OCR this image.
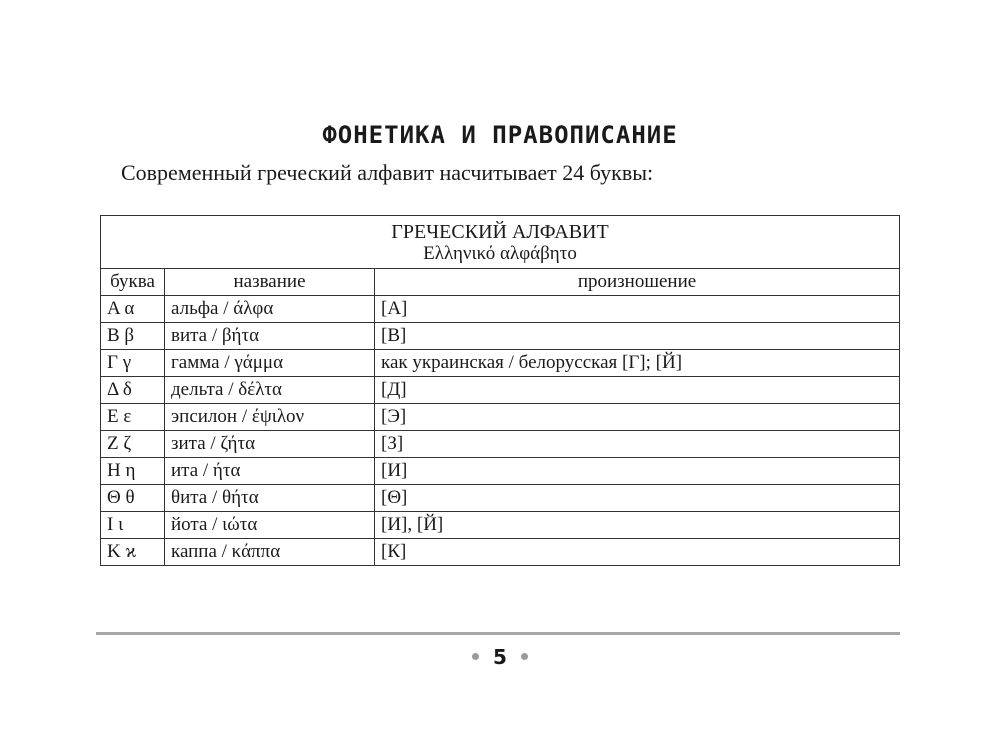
ФОНЕТИКА И ПРАВОПИСАНИЕ
Современный греческий алфавит насчитывает 24 буквы:
ГРЕЧЕСКИЙ АЛФАВИТ
Ελληνικό αλφάβητο		

буква	название	произношение
Α α	альфа / άλφα	[А]
Β β	вита / βήτα	[В]
Γ γ	гамма / γάμμα	как украинская / белорусская [Г]; [Й]
Δ δ	дельта / δέλτα	[Д]
Ε ε	эпсилон / έψιλον	[Э]
Ζ ζ	зита / ζήτα	[З]
Η η	ита / ήτα	[И]
Θ θ	θита / θήτα	[Θ]
Ι ι	йота / ιώτα	[И], [Й]
Κ ϰ	каппа / κάππα	[К]
5
